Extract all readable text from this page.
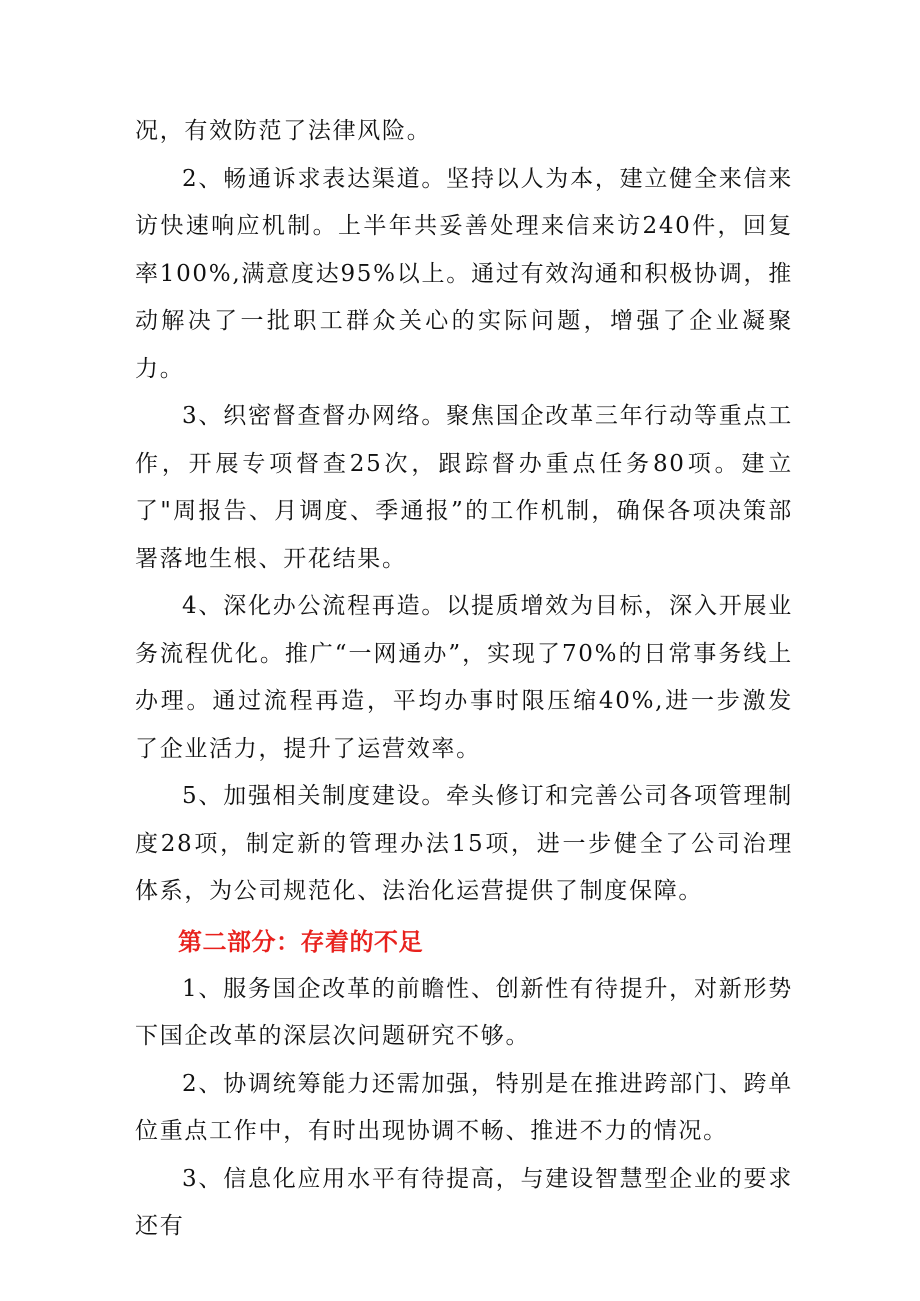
况，有效防范了法律风险。

2、畅通诉求表达渠道。坚持以人为本，建立健全来信来访快速响应机制。上半年共妥善处理来信来访240件，回复率100%,满意度达95%以上。通过有效沟通和积极协调，推动解决了一批职工群众关心的实际问题，增强了企业凝聚力。

3、织密督查督办网络。聚焦国企改革三年行动等重点工作，开展专项督查25次，跟踪督办重点任务80项。建立了"周报告、月调度、季通报”的工作机制，确保各项决策部署落地生根、开花结果。

4、深化办公流程再造。以提质增效为目标，深入开展业务流程优化。推广“一网通办”，实现了70%的日常事务线上办理。通过流程再造，平均办事时限压缩40%,进一步激发了企业活力，提升了运营效率。

5、加强相关制度建设。牵头修订和完善公司各项管理制度28项，制定新的管理办法15项，进一步健全了公司治理体系，为公司规范化、法治化运营提供了制度保障。

第二部分：存着的不足

1、服务国企改革的前瞻性、创新性有待提升，对新形势下国企改革的深层次问题研究不够。

2、协调统筹能力还需加强，特别是在推进跨部门、跨单位重点工作中，有时出现协调不畅、推进不力的情况。

3、信息化应用水平有待提高，与建设智慧型企业的要求还有
